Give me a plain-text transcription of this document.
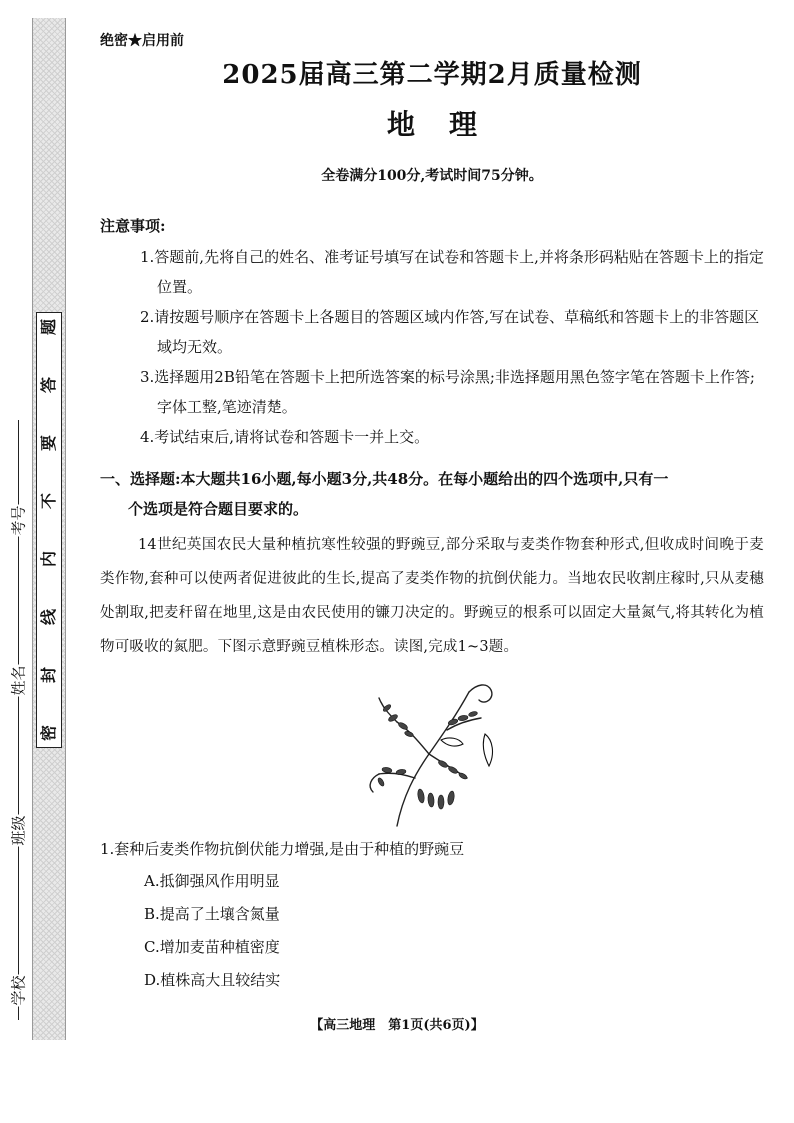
密
封
线
内
不
要
答
题
学校
班级
姓名
考号

绝密★启用前

2025届高三第二学期2月质量检测
地理

全卷满分100分,考试时间75分钟。

注意事项:

1.答题前,先将自己的姓名、准考证号填写在试卷和答题卡上,并将条形码粘贴在答题卡上的指定位置。
2.请按题号顺序在答题卡上各题目的答题区域内作答,写在试卷、草稿纸和答题卡上的非答题区域均无效。
3.选择题用2B铅笔在答题卡上把所选答案的标号涂黑;非选择题用黑色签字笔在答题卡上作答;字体工整,笔迹清楚。
4.考试结束后,请将试卷和答题卡一并上交。

一、选择题:本大题共16小题,每小题3分,共48分。在每小题给出的四个选项中,只有一
个选项是符合题目要求的。

14世纪英国农民大量种植抗寒性较强的野豌豆,部分采取与麦类作物套种形式,但收成时间晚于麦类作物,套种可以使两者促进彼此的生长,提高了麦类作物的抗倒伏能力。当地农民收割庄稼时,只从麦穗处割取,把麦秆留在地里,这是由农民使用的镰刀决定的。野豌豆的根系可以固定大量氮气,将其转化为植物可吸收的氮肥。下图示意野豌豆植株形态。读图,完成1~3题。

1.套种后麦类作物抗倒伏能力增强,是由于种植的野豌豆

A.抵御强风作用明显
B.提高了土壤含氮量
C.增加麦苗种植密度
D.植株高大且较结实
【高三地理　第1页(共6页)】
